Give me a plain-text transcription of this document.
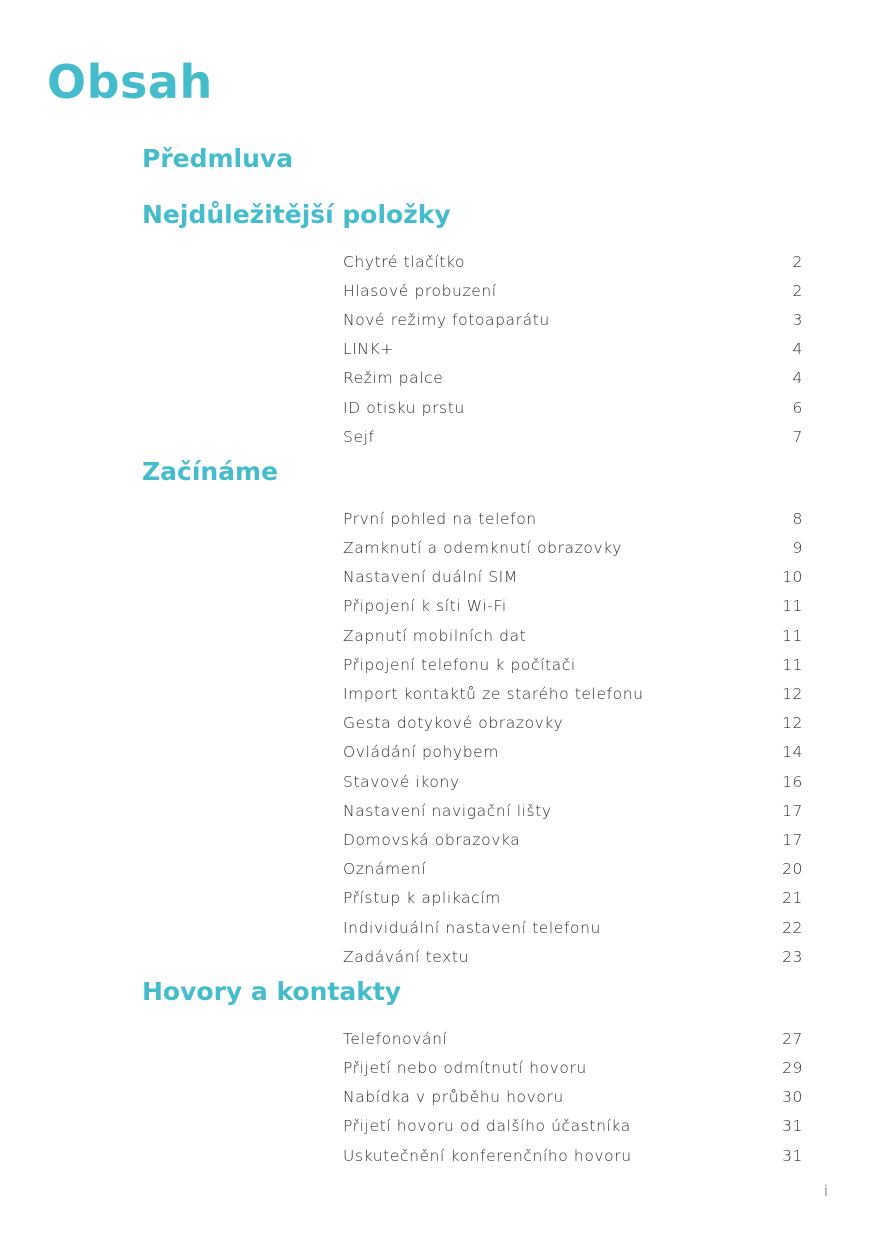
Obsah
Předmluva
Nejdůležitější položky
Chytré tlačítko	2
Hlasové probuzení	2
Nové režimy fotoaparátu	3
LINK+	4
Režim palce	4
ID otisku prstu	6
Sejf	7
Začínáme
První pohled na telefon	8
Zamknutí a odemknutí obrazovky	9
Nastavení duální SIM	10
Připojení k síti Wi-Fi	11
Zapnutí mobilních dat	11
Připojení telefonu k počítači	11
Import kontaktů ze starého telefonu	12
Gesta dotykové obrazovky	12
Ovládání pohybem	14
Stavové ikony	16
Nastavení navigační lišty	17
Domovská obrazovka	17
Oznámení	20
Přístup k aplikacím	21
Individuální nastavení telefonu	22
Zadávání textu	23
Hovory a kontakty
Telefonování	27
Přijetí nebo odmítnutí hovoru	29
Nabídka v průběhu hovoru	30
Přijetí hovoru od dalšího účastníka	31
Uskutečnění konferenčního hovoru	31
i
